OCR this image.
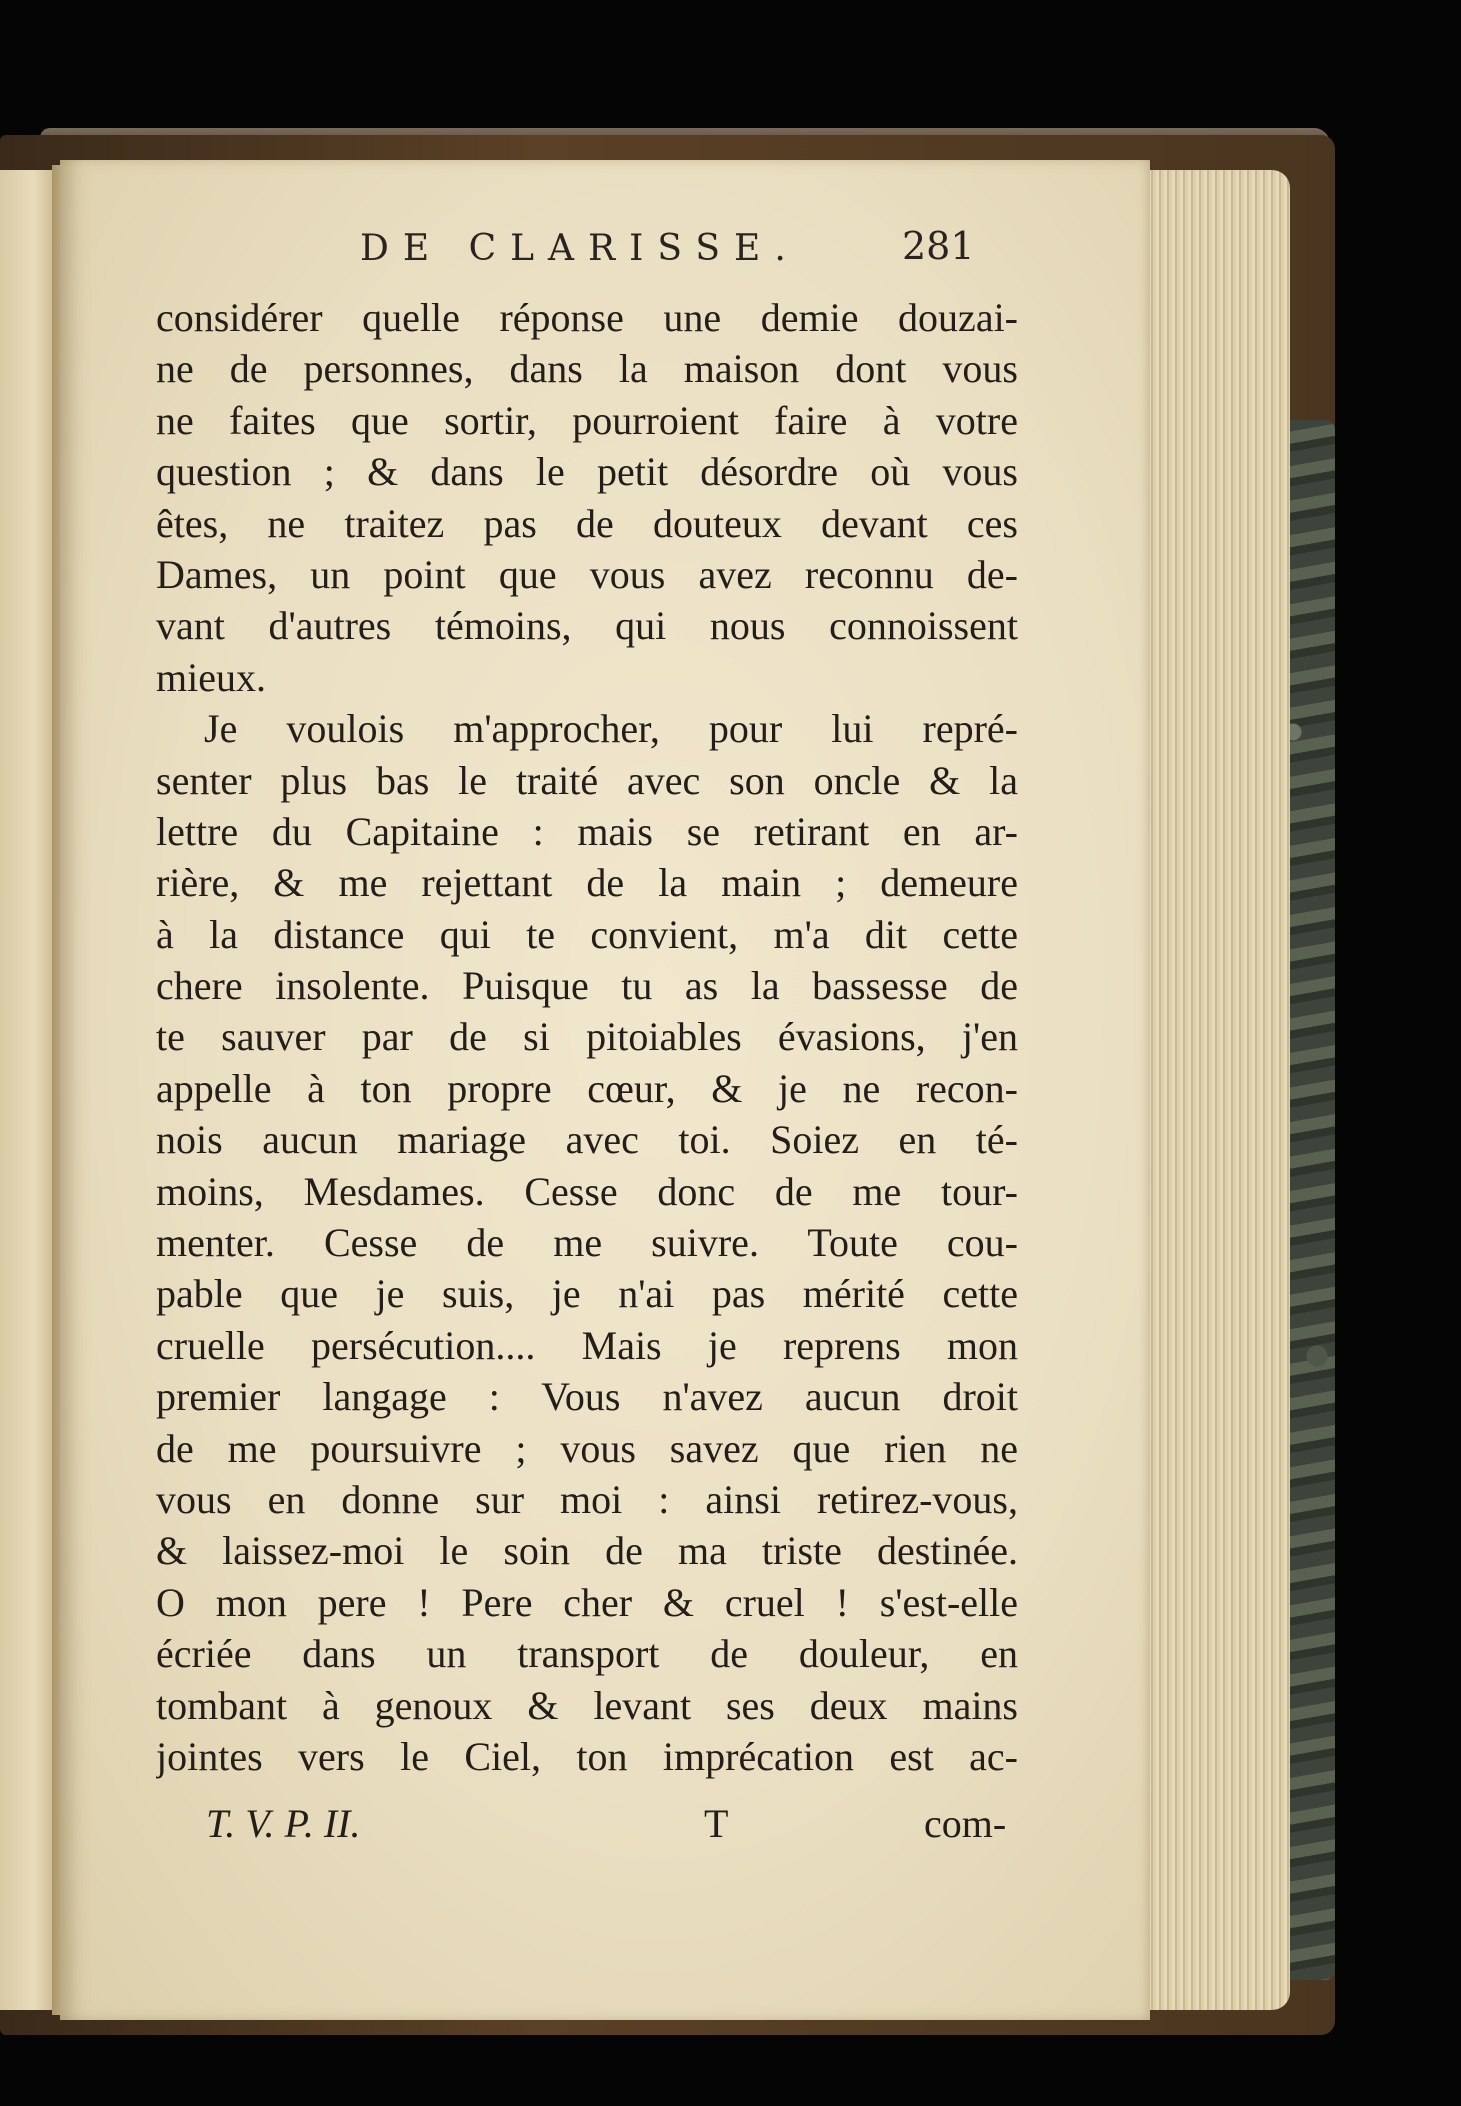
DE CLARISSE.	281
considérer quelle réponse une demie douzai-
ne de personnes, dans la maison dont vous
ne faites que sortir, pourroient faire à votre
question ; & dans le petit désordre où vous
êtes, ne traitez pas de douteux devant ces
Dames, un point que vous avez reconnu de-
vant d'autres témoins, qui nous connoissent
mieux.
Je voulois m'approcher, pour lui repré-
senter plus bas le traité avec son oncle & la
lettre du Capitaine : mais se retirant en ar-
rière, & me rejettant de la main ; demeure
à la distance qui te convient, m'a dit cette
chere insolente. Puisque tu as la bassesse de
te sauver par de si pitoiables évasions, j'en
appelle à ton propre cœur, & je ne recon-
nois aucun mariage avec toi. Soiez en té-
moins, Mesdames. Cesse donc de me tour-
menter. Cesse de me suivre. Toute cou-
pable que je suis, je n'ai pas mérité cette
cruelle persécution.... Mais je reprens mon
premier langage : Vous n'avez aucun droit
de me poursuivre ; vous savez que rien ne
vous en donne sur moi : ainsi retirez-vous,
& laissez-moi le soin de ma triste destinée.
O mon pere ! Pere cher & cruel ! s'est-elle
écriée dans un transport de douleur, en
tombant à genoux & levant ses deux mains
jointes vers le Ciel, ton imprécation est ac-
T. V. P. II.	T	com-
